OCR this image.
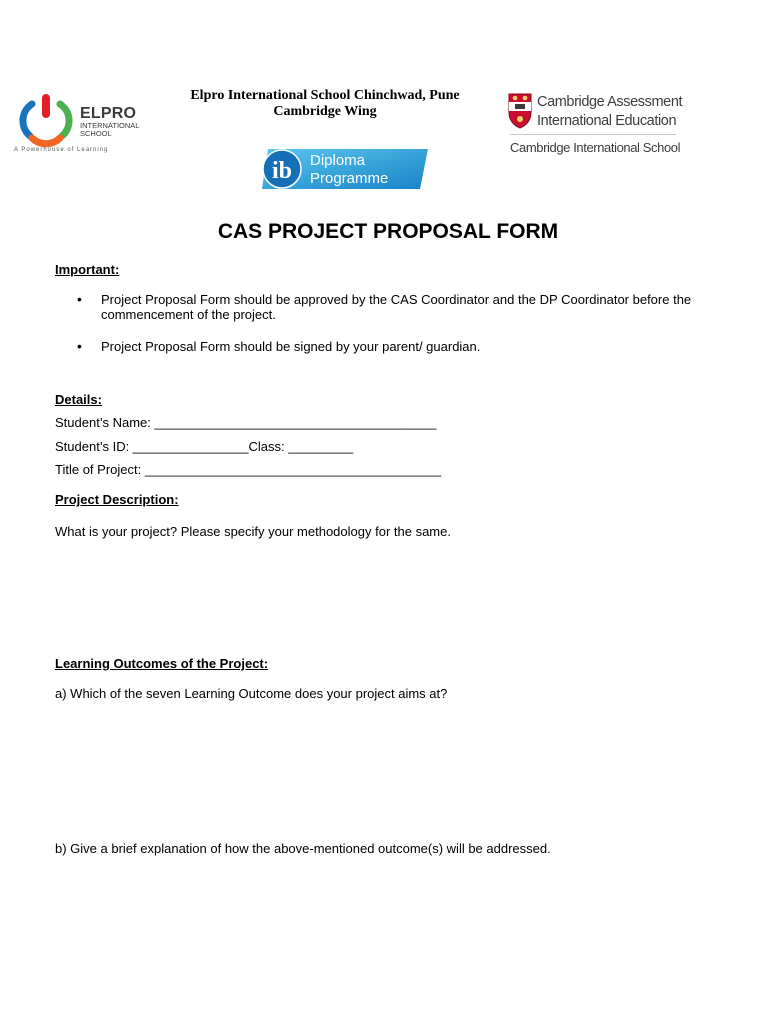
ELPRO
INTERNATIONAL
SCHOOL
A Powerhouse of Learning
Elpro International School Chinchwad, Pune
Cambridge Wing
Cambridge Assessment
International Education
Cambridge International School
ib Diploma
Programme
CAS PROJECT PROPOSAL FORM
Important:
• Project Proposal Form should be approved by the CAS Coordinator and the DP Coordinator before the commencement of the project.
• Project Proposal Form should be signed by your parent/ guardian.
Details:
Student’s Name: _______________________________________
Student’s ID: ________________Class: _________
Title of Project: _________________________________________
Project Description:
What is your project? Please specify your methodology for the same.
Learning Outcomes of the Project:
a) Which of the seven Learning Outcome does your project aims at?
b) Give a brief explanation of how the above-mentioned outcome(s) will be addressed.
